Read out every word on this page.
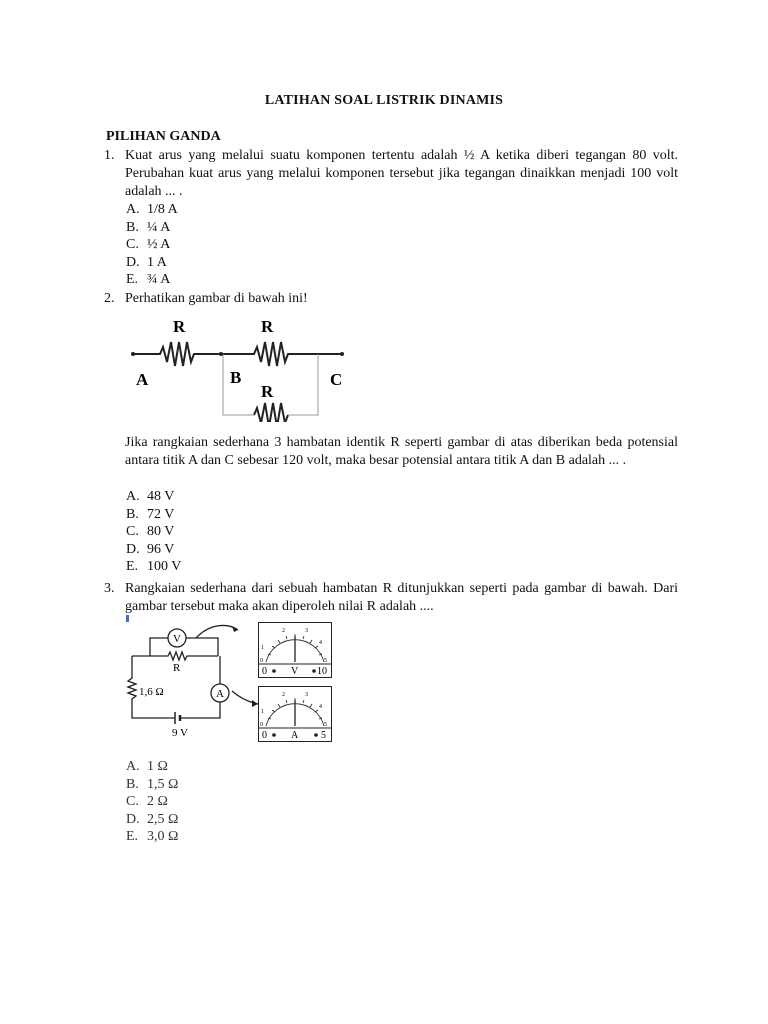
LATIHAN SOAL LISTRIK DINAMIS
PILIHAN GANDA
1. Kuat arus yang melalui suatu komponen tertentu adalah ½ A ketika diberi tegangan 80 volt. Perubahan kuat arus yang melalui komponen tersebut jika tegangan dinaikkan menjadi 100 volt adalah ... .
A. 1/8 A
B. ¼ A
C. ½ A
D. 1 A
E. ¾ A
2. Perhatikan gambar di bawah ini!
R	R
R
A	B	C
Jika rangkaian sederhana 3 hambatan identik R seperti gambar di atas diberikan beda potensial antara titik A dan C sebesar 120 volt, maka besar potensial antara titik A dan B adalah ... .
A. 48 V
B. 72 V
C. 80 V
D. 96 V
E. 100 V
3. Rangkaian sederhana dari sebuah hambatan R ditunjukkan seperti pada gambar di bawah. Dari gambar tersebut maka akan diperoleh nilai R adalah ....
V
A
R
1,6 Ω
9 V
0
1
2	3
4
5
0 V 10
0
1
2	3
4
5
0 A 5
A. 1 Ω
B. 1,5 Ω
C. 2 Ω
D. 2,5 Ω
E. 3,0 Ω
